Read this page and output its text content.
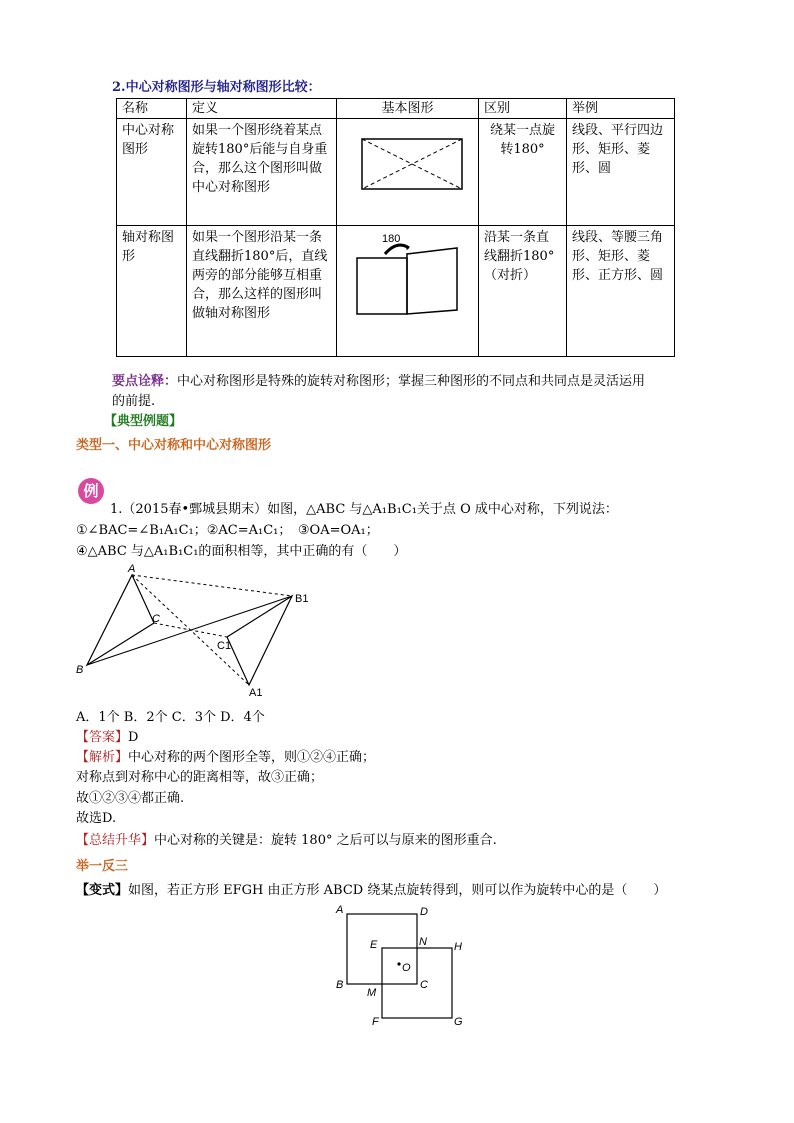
2.中心对称图形与轴对称图形比较：
名称	定义	基本图形	区别	举例
中心对称图形	如果一个图形绕着某点旋转180°后能与自身重合，那么这个图形叫做中心对称图形		绕某一点旋转180°	线段、平行四边形、矩形、菱形、圆
轴对称图形	如果一个图形沿某一条直线翻折180°后，直线两旁的部分能够互相重合，那么这样的图形叫做轴对称图形	180	沿某一条直线翻折180°（对折）	线段、等腰三角形、矩形、菱形、正方形、圆
要点诠释：中心对称图形是特殊的旋转对称图形；掌握三种图形的不同点和共同点是灵活运用
的前提.
【典型例题】
类型一、中心对称和中心对称图形
例
1.（2015春•鄄城县期末）如图，△ABC 与△A₁B₁C₁关于点 O 成中心对称，下列说法：
①∠BAC=∠B₁A₁C₁；②AC=A₁C₁；　③OA=OA₁；
④△ABC 与△A₁B₁C₁的面积相等，其中正确的有（　　）
A
B
C
B1
C1
A1
A．1个 B．2个 C．3个 D．4个
【答案】D
【解析】中心对称的两个图形全等，则①②④正确；
对称点到对称中心的距离相等，故③正确；
故①②③④都正确.
故选D.
【总结升华】中心对称的关键是：旋转 180° 之后可以与原来的图形重合.
举一反三
【变式】如图，若正方形 EFGH 由正方形 ABCD 绕某点旋转得到，则可以作为旋转中心的是（　　）
A	D
E	N H
O
B
M
C
F	G
